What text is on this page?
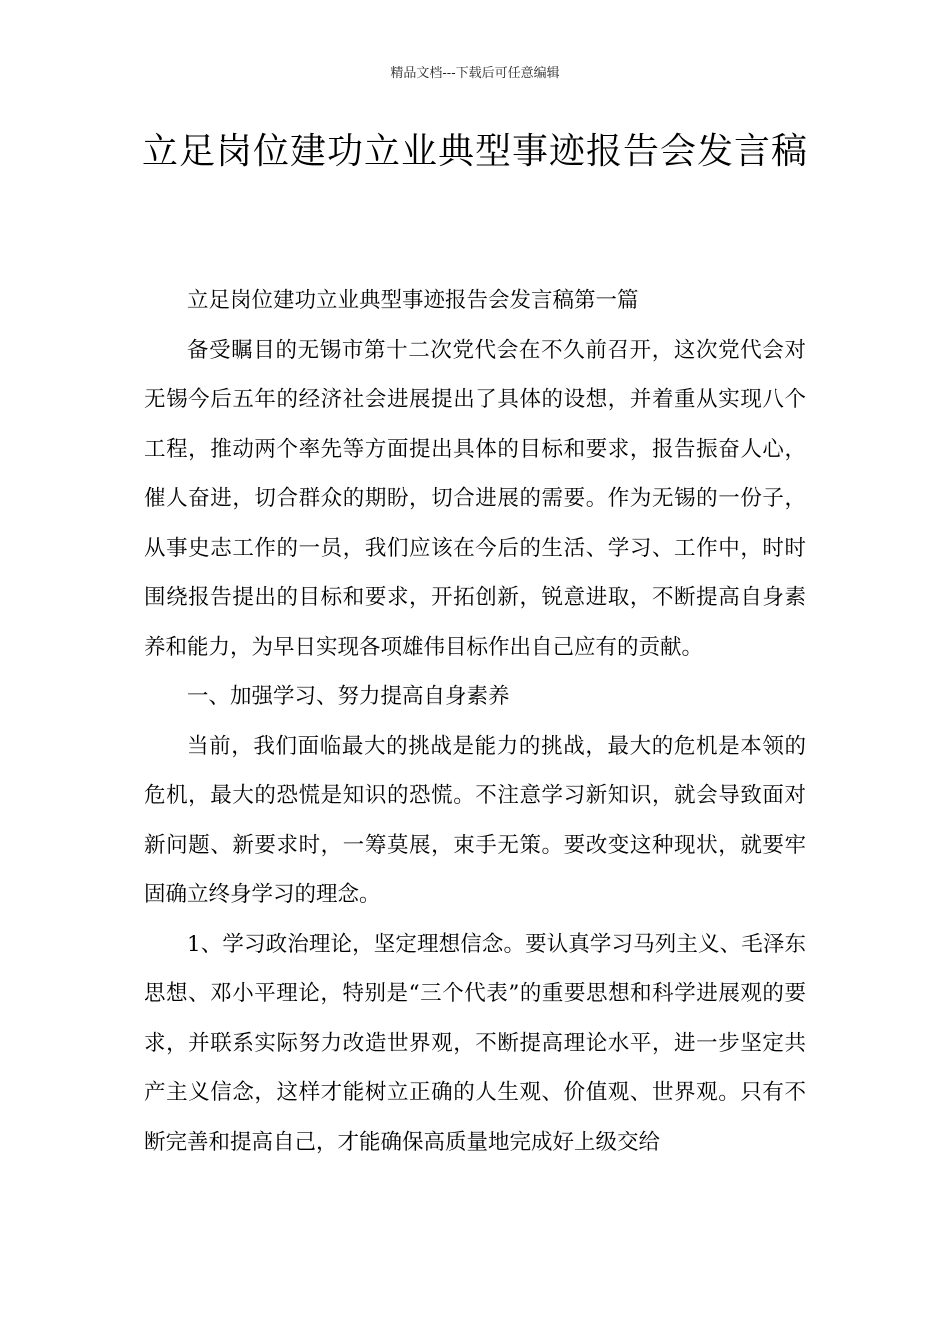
精品文档---下载后可任意编辑
立足岗位建功立业典型事迹报告会发言稿

立足岗位建功立业典型事迹报告会发言稿第一篇

备受瞩目的无锡市第十二次党代会在不久前召开，这次党代会对无锡今后五年的经济社会进展提出了具体的设想，并着重从实现八个工程，推动两个率先等方面提出具体的目标和要求，报告振奋人心，催人奋进，切合群众的期盼，切合进展的需要。作为无锡的一份子，从事史志工作的一员，我们应该在今后的生活、学习、工作中，时时围绕报告提出的目标和要求，开拓创新，锐意进取，不断提高自身素养和能力，为早日实现各项雄伟目标作出自己应有的贡献。

一、加强学习、努力提高自身素养

当前，我们面临最大的挑战是能力的挑战，最大的危机是本领的危机，最大的恐慌是知识的恐慌。不注意学习新知识，就会导致面对新问题、新要求时，一筹莫展，束手无策。要改变这种现状，就要牢固确立终身学习的理念。

1、学习政治理论，坚定理想信念。要认真学习马列主义、毛泽东思想、邓小平理论，特别是“三个代表”的重要思想和科学进展观的要求，并联系实际努力改造世界观，不断提高理论水平，进一步坚定共产主义信念，这样才能树立正确的人生观、价值观、世界观。只有不断完善和提高自己，才能确保高质量地完成好上级交给
